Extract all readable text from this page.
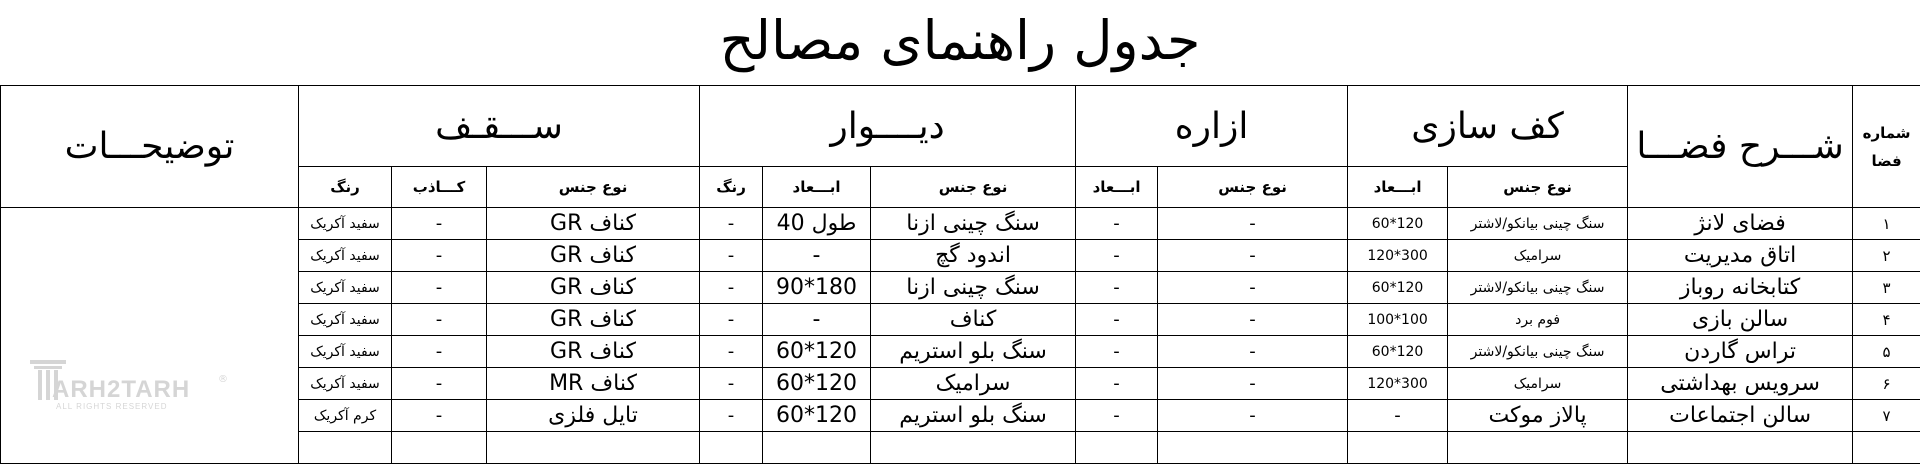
جدول راهنمای مصالح
شماره فضا	شـــرح فضـــا	کف سازی		ازاره		دیــــوار			ســـقـف			توضیحـــات
		نوع جنس	ابـــعاد	نوع جنس	ابـــعاد	نوع جنس	ابـــعاد	رنگ	نوع جنس	کـــاذب	رنگ	
۱	فضای لانژ	سنگ چینی بیانکو/لاشتر	120*60	-	-	سنگ چینی ازنا	طول 40	-	کناف GR	-	سفید آکریک	
۲	اتاق مدیریت	سرامیک	300*120	-	-	اندود گچ	-	-	کناف GR	-	سفید آکریک	
۳	کتابخانه روباز	سنگ چینی بیانکو/لاشتر	120*60	-	-	سنگ چینی ازنا	180*90	-	کناف GR	-	سفید آکریک	
۴	سالن بازی	فوم برد	100*100	-	-	کناف	-	-	کناف GR	-	سفید آکریک	
۵	تراس گاردن	سنگ چینی بیانکو/لاشتر	120*60	-	-	سنگ بلو استریم	120*60	-	کناف GR	-	سفید آکریک	
۶	سرویس بهداشتی	سرامیک	300*120	-	-	سرامیک	120*60	-	کناف MR	-	سفید آکریک	
۷	سالن اجتماعات	پالاز موکت	-	-	-	سنگ بلو استریم	120*60	-	تایل فلزی	-	کرم آکریک	

ARH2TARH	®
ALL RIGHTS RESERVED
